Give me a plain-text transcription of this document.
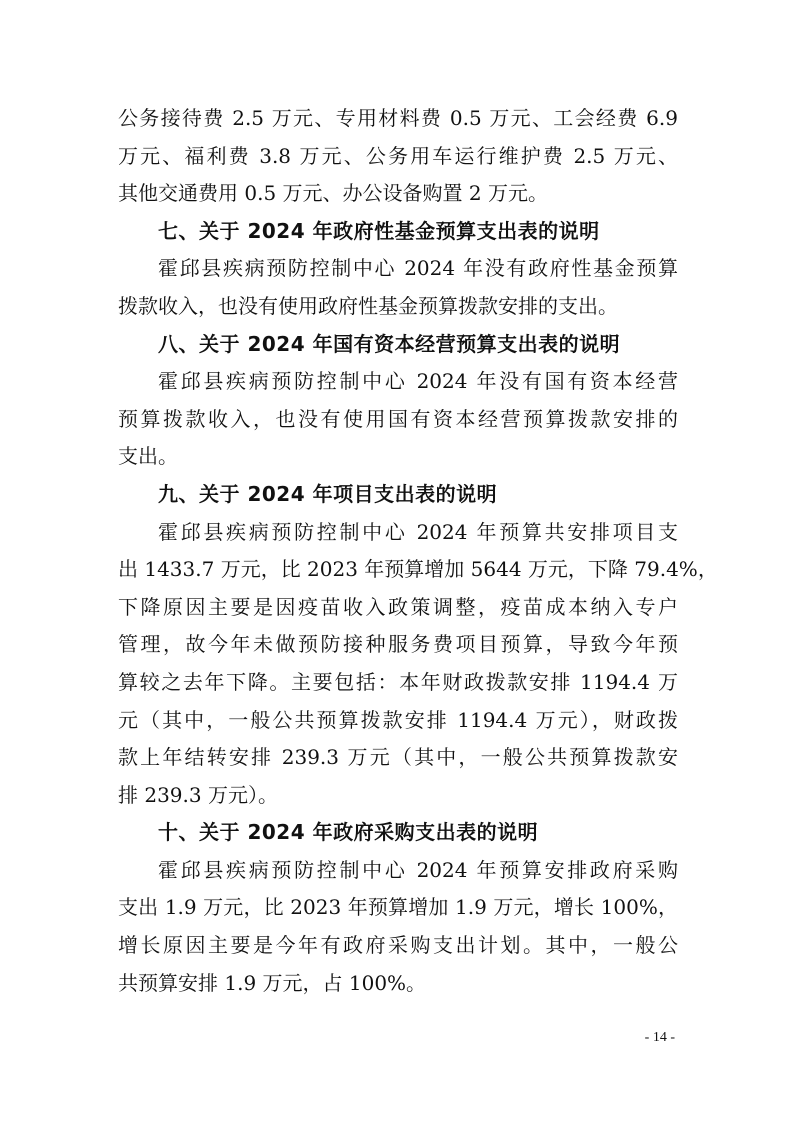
公务接待费 2.5 万元、专用材料费 0.5 万元、工会经费 6.9
万元、福利费 3.8 万元、公务用车运行维护费 2.5 万元、
其他交通费用 0.5 万元、办公设备购置 2 万元。
七、关于 2024 年政府性基金预算支出表的说明
霍邱县疾病预防控制中心 2024 年没有政府性基金预算
拨款收入，也没有使用政府性基金预算拨款安排的支出。
八、关于 2024 年国有资本经营预算支出表的说明
霍邱县疾病预防控制中心 2024 年没有国有资本经营
预算拨款收入，也没有使用国有资本经营预算拨款安排的
支出。
九、关于 2024 年项目支出表的说明
霍邱县疾病预防控制中心 2024 年预算共安排项目支
出 1433.7 万元，比 2023 年预算增加 5644 万元，下降 79.4%，
下降原因主要是因疫苗收入政策调整，疫苗成本纳入专户
管理，故今年未做预防接种服务费项目预算，导致今年预
算较之去年下降。主要包括：本年财政拨款安排 1194.4 万
元（其中，一般公共预算拨款安排 1194.4 万元），财政拨
款上年结转安排 239.3 万元（其中，一般公共预算拨款安
排 239.3 万元）。
十、关于 2024 年政府采购支出表的说明
霍邱县疾病预防控制中心 2024 年预算安排政府采购
支出 1.9 万元，比 2023 年预算增加 1.9 万元，增长 100%，
增长原因主要是今年有政府采购支出计划。其中，一般公
共预算安排 1.9 万元，占 100%。
- 14 -
